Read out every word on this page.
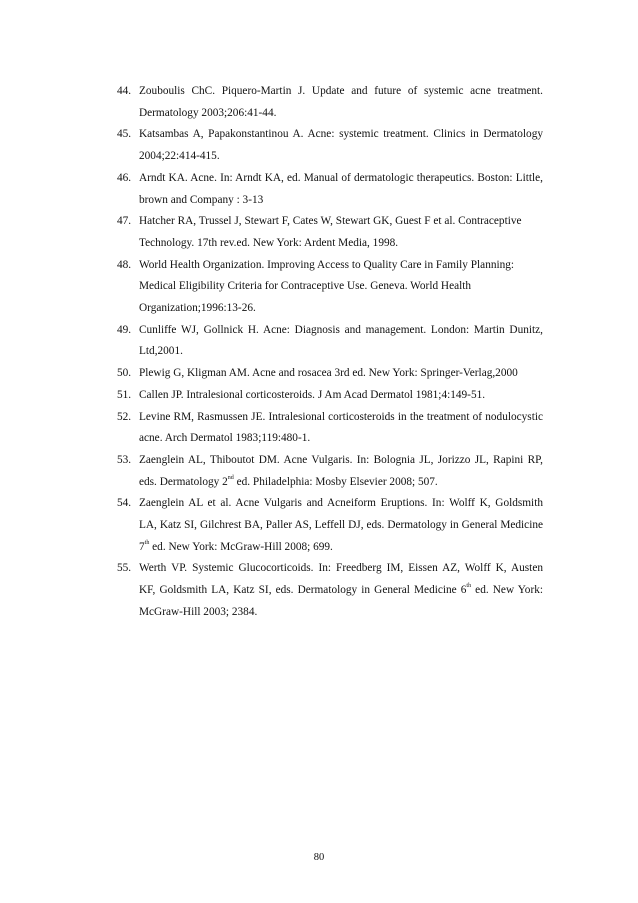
44. Zouboulis ChC. Piquero-Martin J. Update and future of systemic acne treatment.
Dermatology 2003;206:41-44.
45. Katsambas A, Papakonstantinou A. Acne: systemic treatment. Clinics in Dermatology
2004;22:414-415.
46. Arndt KA. Acne. In: Arndt KA, ed. Manual of dermatologic therapeutics. Boston: Little,
brown and Company : 3-13
47. Hatcher RA, Trussel J, Stewart F, Cates W, Stewart GK, Guest F et al. Contraceptive
Technology. 17th rev.ed. New York: Ardent Media, 1998.
48. World Health Organization. Improving Access to Quality Care in Family Planning:
Medical Eligibility Criteria for Contraceptive Use. Geneva. World Health
Organization;1996:13-26.
49. Cunliffe WJ, Gollnick H. Acne: Diagnosis and management. London: Martin Dunitz,
Ltd,2001.
50. Plewig G, Kligman AM. Acne and rosacea 3rd ed. New York: Springer-Verlag,2000
51. Callen JP. Intralesional corticosteroids. J Am Acad Dermatol 1981;4:149-51.
52. Levine RM, Rasmussen JE. Intralesional corticosteroids in the treatment of nodulocystic
acne. Arch Dermatol 1983;119:480-1.
53. Zaenglein AL, Thiboutot DM. Acne Vulgaris. In: Bolognia JL, Jorizzo JL, Rapini RP,
eds. Dermatology 2nd ed. Philadelphia: Mosby Elsevier 2008; 507.
54. Zaenglein AL et al. Acne Vulgaris and Acneiform Eruptions. In: Wolff K, Goldsmith
LA, Katz SI, Gilchrest BA, Paller AS, Leffell DJ, eds. Dermatology in General Medicine
7th ed. New York: McGraw-Hill 2008; 699.
55. Werth VP. Systemic Glucocorticoids. In: Freedberg IM, Eissen AZ, Wolff K, Austen
KF, Goldsmith LA, Katz SI, eds. Dermatology in General Medicine 6th ed. New York:
McGraw-Hill 2003; 2384.
80
